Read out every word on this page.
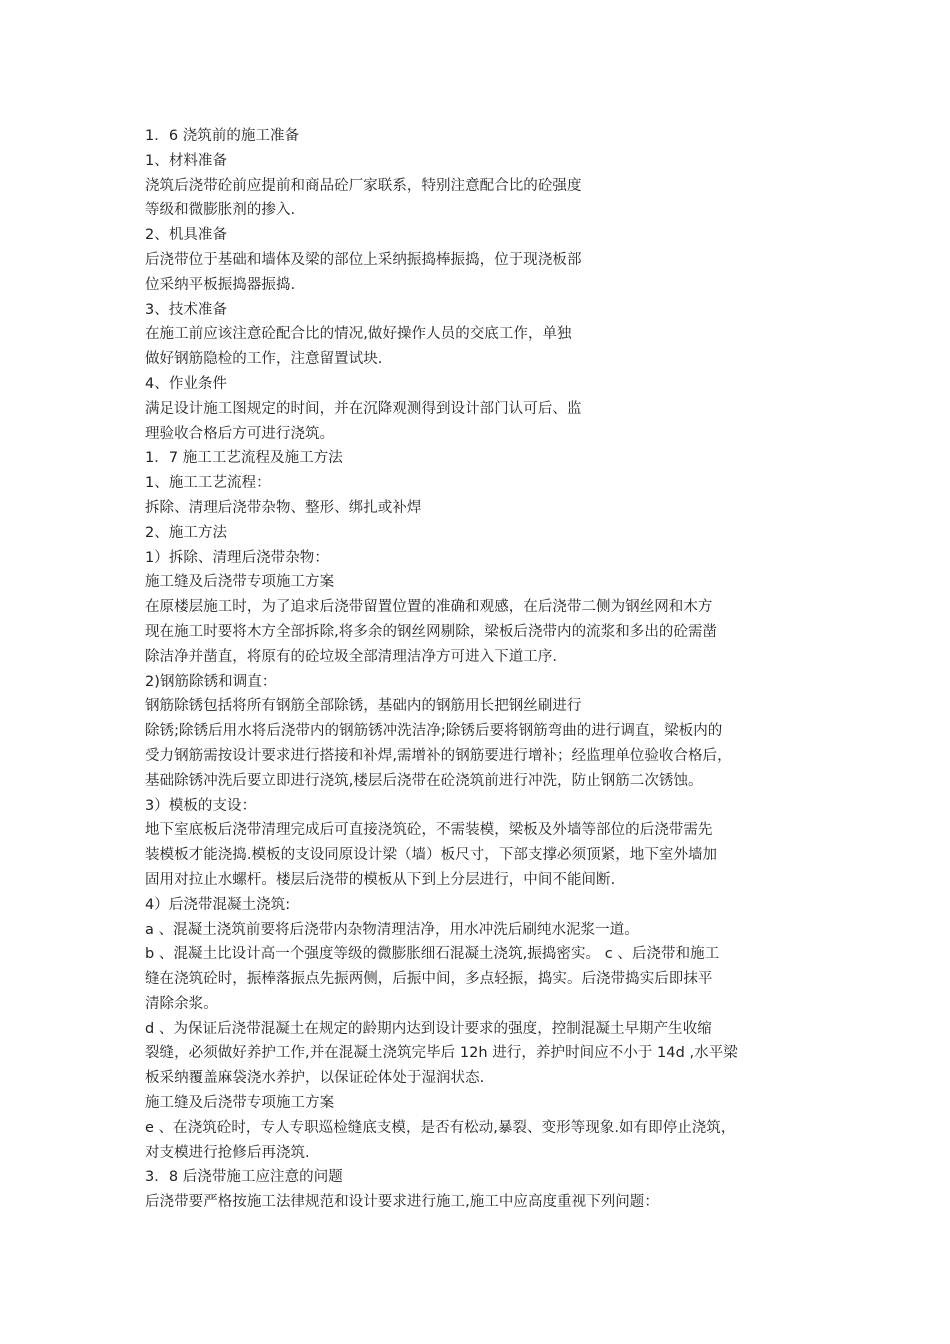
1．6 浇筑前的施工准备
1、材料准备
浇筑后浇带砼前应提前和商品砼厂家联系，特别注意配合比的砼强度
等级和微膨胀剂的掺入.
2、机具准备
后浇带位于基础和墙体及梁的部位上采纳振捣棒振捣，位于现浇板部
位采纳平板振捣器振捣.
3、技术准备
在施工前应该注意砼配合比的情况,做好操作人员的交底工作，单独
做好钢筋隐检的工作，注意留置试块.
4、作业条件
满足设计施工图规定的时间，并在沉降观测得到设计部门认可后、监
理验收合格后方可进行浇筑。
1．7 施工工艺流程及施工方法
1、施工工艺流程：
拆除、清理后浇带杂物、整形、绑扎或补焊
2、施工方法
1）拆除、清理后浇带杂物：
施工缝及后浇带专项施工方案
在原楼层施工时，为了追求后浇带留置位置的准确和观感，在后浇带二侧为钢丝网和木方
现在施工时要将木方全部拆除,将多余的钢丝网剔除，梁板后浇带内的流浆和多出的砼需凿
除洁净并凿直，将原有的砼垃圾全部清理洁净方可进入下道工序.
2)钢筋除锈和调直：
钢筋除锈包括将所有钢筋全部除锈，基础内的钢筋用长把钢丝刷进行
除锈;除锈后用水将后浇带内的钢筋锈冲洗洁净;除锈后要将钢筋弯曲的进行调直，梁板内的
受力钢筋需按设计要求进行搭接和补焊,需增补的钢筋要进行增补；经监理单位验收合格后，
基础除锈冲洗后要立即进行浇筑,楼层后浇带在砼浇筑前进行冲洗，防止钢筋二次锈蚀。
3）模板的支设：
地下室底板后浇带清理完成后可直接浇筑砼，不需装模，梁板及外墙等部位的后浇带需先
装模板才能浇捣.模板的支设同原设计梁（墙）板尺寸，下部支撑必须顶紧，地下室外墙加
固用对拉止水螺杆。楼层后浇带的模板从下到上分层进行，中间不能间断.
4）后浇带混凝土浇筑:
a 、混凝土浇筑前要将后浇带内杂物清理洁净，用水冲洗后刷纯水泥浆一道。
b 、混凝土比设计高一个强度等级的微膨胀细石混凝土浇筑,振捣密实。 c 、后浇带和施工
缝在浇筑砼时，振棒落振点先振两侧，后振中间，多点轻振，捣实。后浇带捣实后即抹平
清除余浆。
d 、为保证后浇带混凝土在规定的龄期内达到设计要求的强度，控制混凝土早期产生收缩
裂缝，必须做好养护工作,并在混凝土浇筑完毕后 12h 进行，养护时间应不小于 14d ,水平梁
板采纳覆盖麻袋浇水养护，以保证砼体处于湿润状态.
施工缝及后浇带专项施工方案
e 、在浇筑砼时，专人专职巡检缝底支模，是否有松动,暴裂、变形等现象.如有即停止浇筑，
对支模进行抢修后再浇筑.
3．8 后浇带施工应注意的问题
后浇带要严格按施工法律规范和设计要求进行施工,施工中应高度重视下列问题：
